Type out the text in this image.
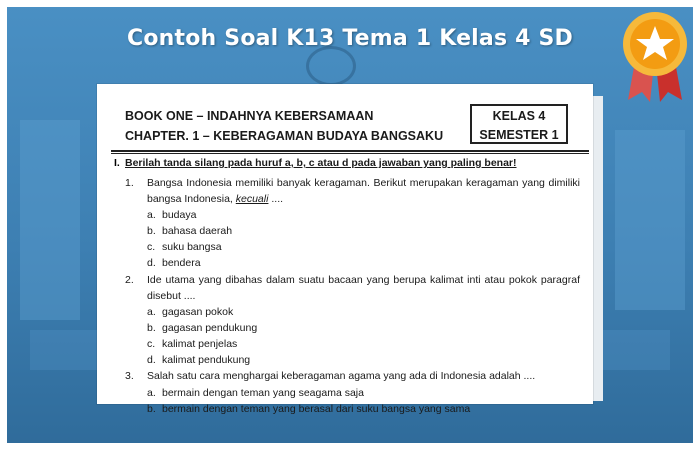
Contoh Soal K13 Tema 1 Kelas 4 SD
BOOK ONE – INDAHNYA KEBERSAMAAN
CHAPTER. 1 – KEBERAGAMAN BUDAYA BANGSAKU
KELAS 4
SEMESTER 1
I. Berilah tanda silang pada huruf a, b, c atau d pada jawaban yang paling benar!
1.	Bangsa Indonesia memiliki banyak keragaman. Berikut merupakan keragaman yang dimiliki bangsa Indonesia, kecuali ....
a. budaya
b. bahasa daerah
c. suku bangsa
d. bendera
2.	Ide utama yang dibahas dalam suatu bacaan yang berupa kalimat inti atau pokok paragraf disebut ....
a. gagasan pokok
b. gagasan pendukung
c. kalimat penjelas
d. kalimat pendukung
3.	Salah satu cara menghargai keberagaman agama yang ada di Indonesia adalah ....
a. bermain dengan teman yang seagama saja
b. bermain dengan teman yang berasal dari suku bangsa yang sama
